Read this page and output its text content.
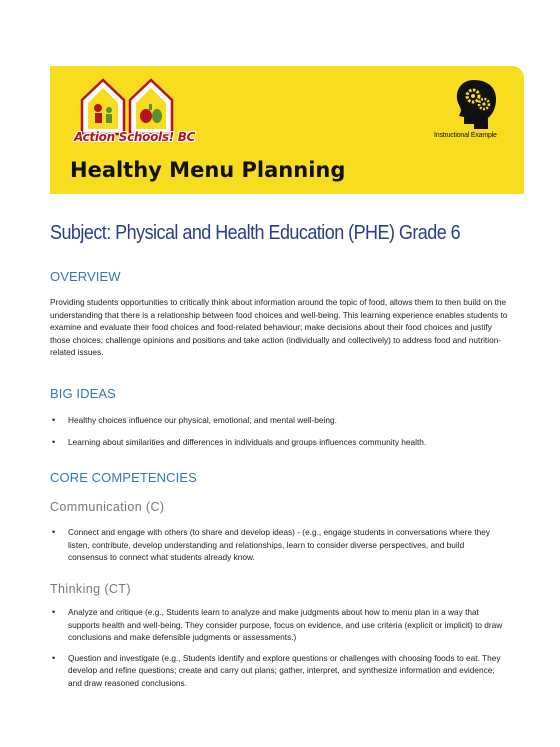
Action Schools! BC	Instructional Example
Healthy Menu Planning
Subject: Physical and Health Education (PHE) Grade 6
OVERVIEW
Providing students opportunities to critically think about information around the topic of food, allows them to then build on the understanding that there is a relationship between food choices and well-being. This learning experience enables students to examine and evaluate their food choices and food-related behaviour; make decisions about their food choices and justify those choices; challenge opinions and positions and take action (individually and collectively) to address food and nutrition-related issues.
BIG IDEAS
• Healthy choices influence our physical, emotional, and mental well-being.
• Learning about similarities and differences in individuals and groups influences community health.
CORE COMPETENCIES
Communication (C)
• Connect and engage with others (to share and develop ideas) - (e.g., engage students in conversations where they listen, contribute, develop understanding and relationships, learn to consider diverse perspectives, and build consensus to connect what students already know.
Thinking (CT)
• Analyze and critique (e.g., Students learn to analyze and make judgments about how to menu plan in a way that supports health and well-being. They consider purpose, focus on evidence, and use criteria (explicit or implicit) to draw conclusions and make defensible judgments or assessments.)
• Question and investigate (e.g., Students identify and explore questions or challenges with choosing foods to eat. They develop and refine questions; create and carry out plans; gather, interpret, and synthesize information and evidence; and draw reasoned conclusions.
